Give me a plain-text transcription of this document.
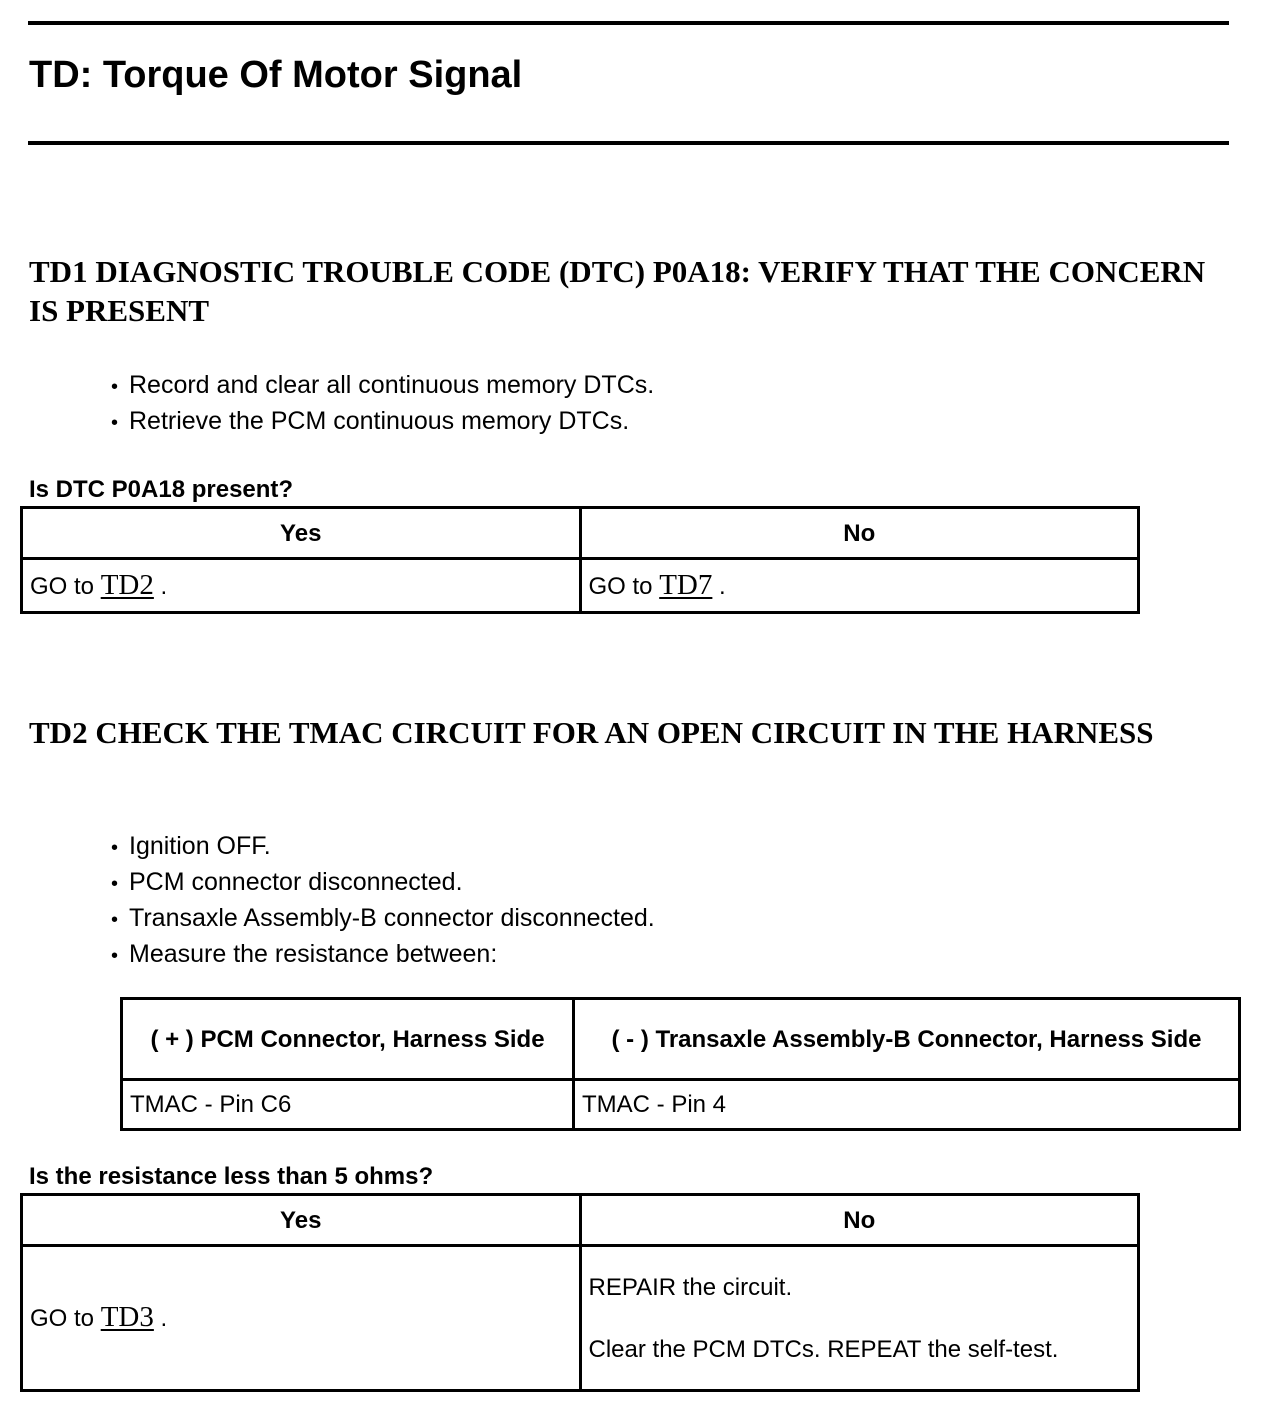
TD: Torque Of Motor Signal
TD1 DIAGNOSTIC TROUBLE CODE (DTC) P0A18: VERIFY THAT THE CONCERN IS PRESENT
• Record and clear all continuous memory DTCs.
• Retrieve the PCM continuous memory DTCs.

Is DTC P0A18 present?

Yes	No
GO to TD2 .	GO to TD7 .
TD2 CHECK THE TMAC CIRCUIT FOR AN OPEN CIRCUIT IN THE HARNESS
• Ignition OFF.
• PCM connector disconnected.
• Transaxle Assembly-B connector disconnected.
• Measure the resistance between:
( + ) PCM Connector, Harness Side	( - ) Transaxle Assembly-B Connector, Harness Side
TMAC - Pin C6	TMAC - Pin 4

Is the resistance less than 5 ohms?

Yes	No
GO to TD3 .	REPAIR the circuit.
Clear the PCM DTCs. REPEAT the self-test.
